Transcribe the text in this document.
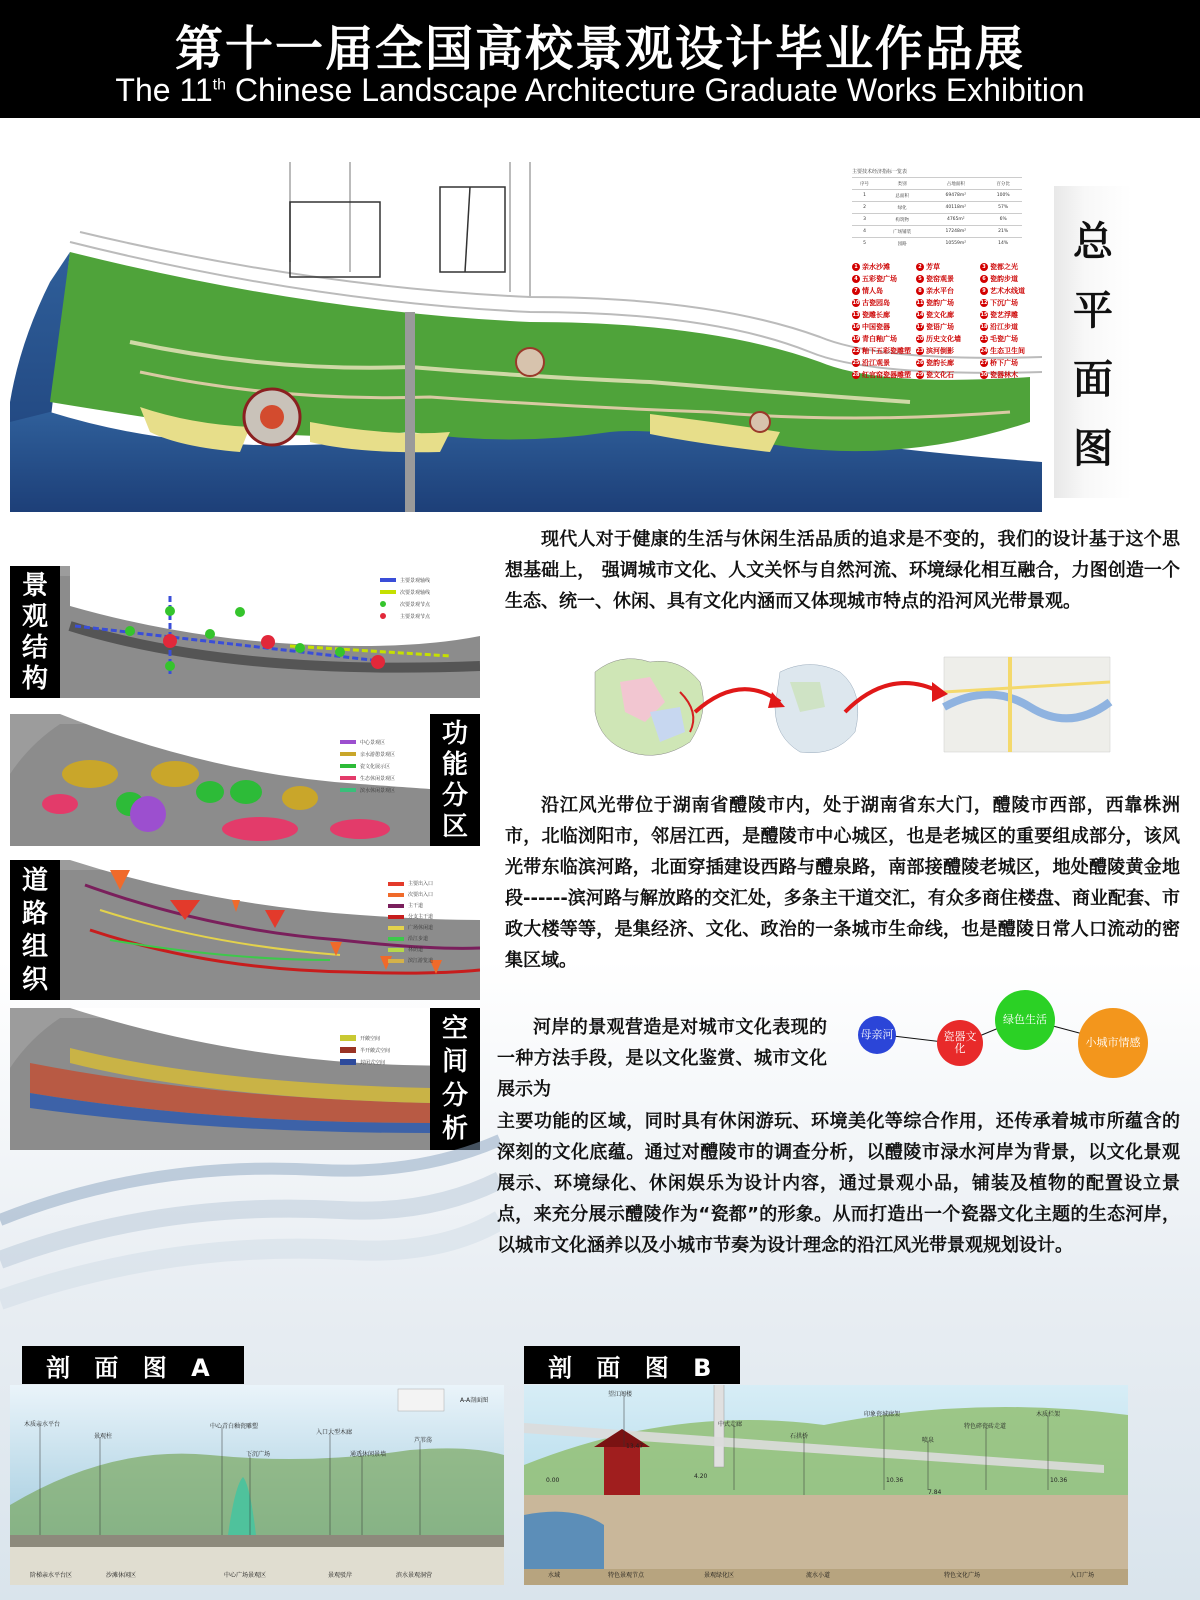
第十一届全国高校景观设计毕业作品展
The 11th Chinese Landscape Architecture Graduate Works Exhibition
主要技术经济指标一览表
序号	类别	占地面积	百分比
1	总面积	69478m²	100%
2	绿化	40118m²	57%
3	构筑物	4765m²	6%
4	广场铺装	17248m²	21%
5	园路	10559m²	14%
1 亲水沙滩	2 芳草	3 瓷都之光
4 五彩瓷广场	5 瓷窑观景	6 瓷韵步道
7 情人岛	8 亲水平台	9 艺术水线道
10 古瓷园岛	11 瓷韵广场	12 下沉广场
13 瓷雕长廊	14 瓷文化廊	15 瓷艺浮雕
16 中国瓷器	17 瓷语广场	18 沿江步道
19 青白釉广场	20 历史文化墙	21 毛瓷广场
22 釉下五彩瓷雕塑 23 滨河倒影	24 生态卫生间
25 沿江观景	26 瓷韵长廊	27 桥下广场
28 红官窑瓷器雕塑 29 瓷文化石	30 瓷器林木
总
平
面
图
主要景观轴线
次要景观轴线
次要景观节点
主要景观节点
景
观
结
构
中心景观区
亲水游憩景观区
瓷文化展示区
生态休闲景观区
滨水休闲景观区
功
能
分
区
主要出入口
次要出入口
主干道
分支主干道
广场休闲道
沿江步道
林荫道
滨江游览道
道
路
组
织
开敞空间
半开敞式空间
封闭式空间
空
间
分
析
现代人对于健康的生活与休闲生活品质的追求是不变的，我们的设计基于这个思想基础上， 强调城市文化、人文关怀与自然河流、环境绿化相互融合，力图创造一个生态、统一、休闲、具有文化内涵而又体现城市特点的沿河风光带景观。
沿江风光带位于湖南省醴陵市内，处于湖南省东大门，醴陵市西部，西靠株洲市，北临浏阳市，邻居江西，是醴陵市中心城区，也是老城区的重要组成部分，该风光带东临滨河路，北面穿插建设西路与醴泉路，南部接醴陵老城区，地处醴陵黄金地段------滨河路与解放路的交汇处，多条主干道交汇，有众多商住楼盘、商业配套、市政大楼等等，是集经济、文化、政治的一条城市生命线，也是醴陵日常人口流动的密集区域。
河岸的景观营造是对城市文化表现的一种方法手段，是以文化鉴赏、城市文化展示为
主要功能的区域，同时具有休闲游玩、环境美化等综合作用，还传承着城市所蕴含的深刻的文化底蕴。通过对醴陵市的调查分析，以醴陵市渌水河岸为背景，以文化景观展示、环境绿化、休闲娱乐为设计内容，通过景观小品，铺装及植物的配置设立景点，来充分展示醴陵作为“瓷都”的形象。从而打造出一个瓷器文化主题的生态河岸，以城市文化涵养以及小城市节奏为设计理念的沿江风光带景观规划设计。
母亲河	瓷器文化
绿色生活
小城市情感
剖 面 图 A
A-A剖面图
木质亲水平台
景观柱
中心青白釉瓷雕塑
下沉广场
入口大型木廊
通透休闲景墙
芦苇荡
阶梯亲水平台区	沙滩休闲区	中心广场景观区	景观驳岸	滨水景观洞营
剖 面 图 B
望江阁楼
中式走廊
石拱桥
印象瓷城廊架
喷泉
特色碎瓷砖走道
木质栏架
13.47
4.20
0.00	10.36
7.84
10.36
水域	特色景观节点	景观绿化区	流水小道	特色文化广场	入口广场
